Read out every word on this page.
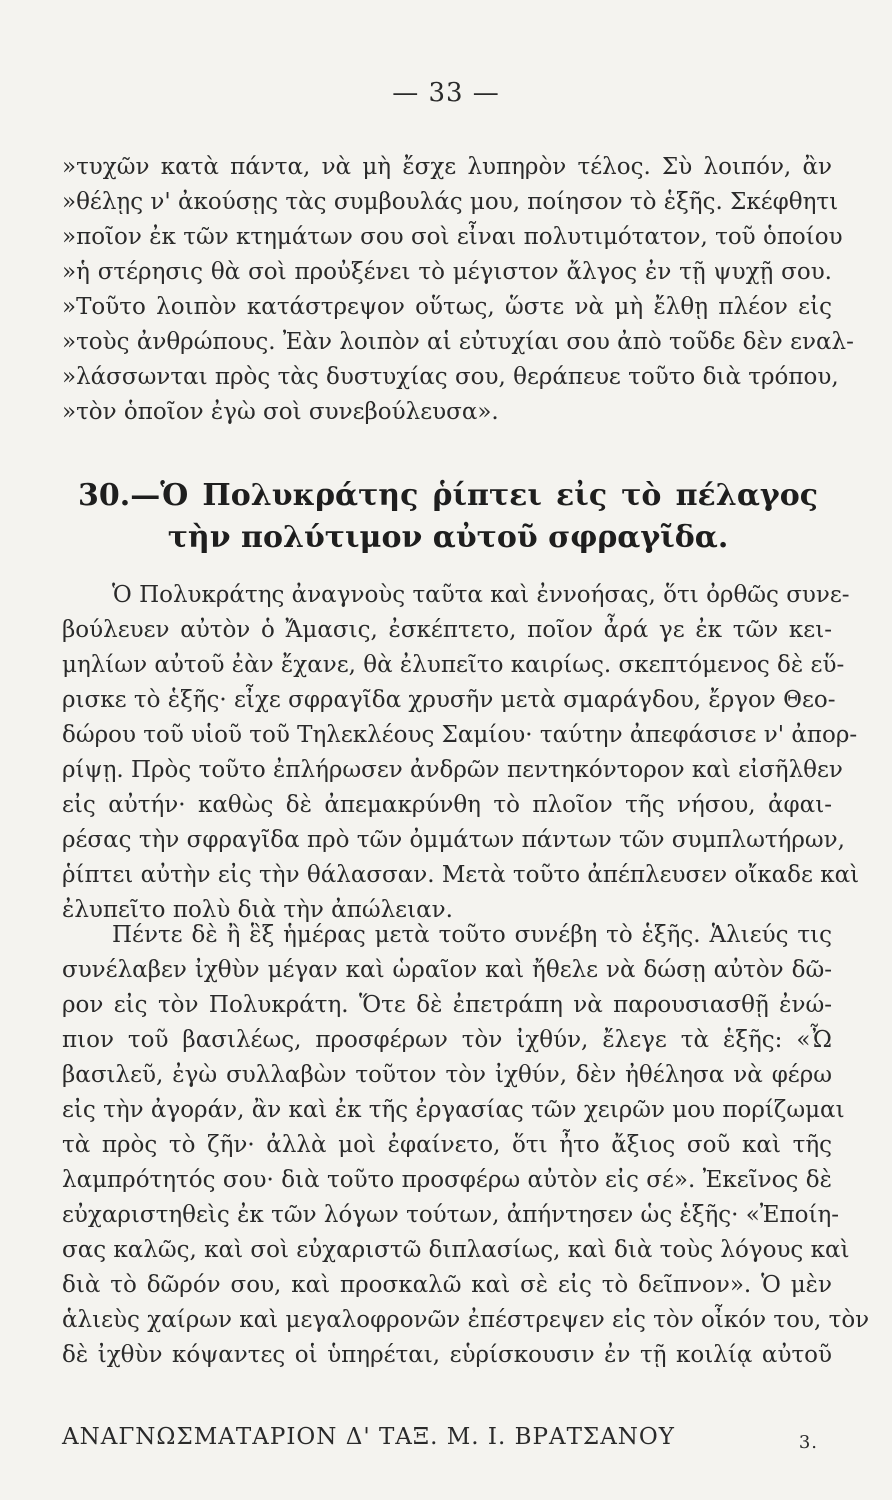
— 33 —
»τυχῶν κατὰ πάντα, νὰ μὴ ἔσχε λυπηρὸν τέλος. Σὺ λοιπόν, ἂν
»θέλῃς ν' ἀκούσῃς τὰς συμβουλάς μου, ποίησον τὸ ἑξῆς. Σκέφθητι
»ποῖον ἐκ τῶν κτημάτων σου σοὶ εἶναι πολυτιμότατον, τοῦ ὁποίου
»ἡ στέρησις θὰ σοὶ προὐξένει τὸ μέγιστον ἄλγος ἐν τῇ ψυχῇ σου.
»Τοῦτο λοιπὸν κατάστρεψον οὕτως, ὥστε νὰ μὴ ἔλθῃ πλέον εἰς
»τοὺς ἀνθρώπους. Ἐὰν λοιπὸν αἱ εὐτυχίαι σου ἀπὸ τοῦδε δὲν εναλ-
»λάσσωνται πρὸς τὰς δυστυχίας σου, θεράπευε τοῦτο διὰ τρόπου,
»τὸν ὁποῖον ἐγὼ σοὶ συνεβούλευσα».
30.—Ὁ Πολυκράτης ῥίπτει εἰς τὸ πέλαγος
τὴν πολύτιμον αὐτοῦ σφραγῖδα.
Ὁ Πολυκράτης ἀναγνοὺς ταῦτα καὶ ἐννοήσας, ὅτι ὀρθῶς συνε-
βούλευεν αὐτὸν ὁ Ἄμασις, ἐσκέπτετο, ποῖον ἆρά γε ἐκ τῶν κει-
μηλίων αὐτοῦ ἐὰν ἔχανε, θὰ ἐλυπεῖτο καιρίως. σκεπτόμενος δὲ εὕ-
ρισκε τὸ ἑξῆς· εἶχε σφραγῖδα χρυσῆν μετὰ σμαράγδου, ἔργον Θεο-
δώρου τοῦ υἱοῦ τοῦ Τηλεκλέους Σαμίου· ταύτην ἀπεφάσισε ν' ἀπορ-
ρίψῃ. Πρὸς τοῦτο ἐπλήρωσεν ἀνδρῶν πεντηκόντορον καὶ εἰσῆλθεν
εἰς αὐτήν· καθὼς δὲ ἀπεμακρύνθη τὸ πλοῖον τῆς νήσου, ἀφαι-
ρέσας τὴν σφραγῖδα πρὸ τῶν ὀμμάτων πάντων τῶν συμπλωτήρων,
ῥίπτει αὐτὴν εἰς τὴν θάλασσαν. Μετὰ τοῦτο ἀπέπλευσεν οἴκαδε καὶ
ἐλυπεῖτο πολὺ διὰ τὴν ἀπώλειαν.
Πέντε δὲ ἢ ἓξ ἡμέρας μετὰ τοῦτο συνέβη τὸ ἑξῆς. Ἁλιεύς τις
συνέλαβεν ἰχθὺν μέγαν καὶ ὡραῖον καὶ ἤθελε νὰ δώσῃ αὐτὸν δῶ-
ρον εἰς τὸν Πολυκράτη. Ὅτε δὲ ἐπετράπη νὰ παρουσιασθῇ ἐνώ-
πιον τοῦ βασιλέως, προσφέρων τὸν ἰχθύν, ἔλεγε τὰ ἑξῆς: «Ὦ
βασιλεῦ, ἐγὼ συλλαβὼν τοῦτον τὸν ἰχθύν, δὲν ἠθέλησα νὰ φέρω
εἰς τὴν ἀγοράν, ἂν καὶ ἐκ τῆς ἐργασίας τῶν χειρῶν μου πορίζωμαι
τὰ πρὸς τὸ ζῆν· ἀλλὰ μοὶ ἐφαίνετο, ὅτι ἦτο ἄξιος σοῦ καὶ τῆς
λαμπρότητός σου· διὰ τοῦτο προσφέρω αὐτὸν εἰς σέ». Ἐκεῖνος δὲ
εὐχαριστηθεὶς ἐκ τῶν λόγων τούτων, ἀπήντησεν ὡς ἑξῆς· «Ἐποίη-
σας καλῶς, καὶ σοὶ εὐχαριστῶ διπλασίως, καὶ διὰ τοὺς λόγους καὶ
διὰ τὸ δῶρόν σου, καὶ προσκαλῶ καὶ σὲ εἰς τὸ δεῖπνον». Ὁ μὲν
ἁλιεὺς χαίρων καὶ μεγαλοφρονῶν ἐπέστρεψεν εἰς τὸν οἶκόν του, τὸν
δὲ ἰχθὺν κόψαντες οἱ ὑπηρέται, εὑρίσκουσιν ἐν τῇ κοιλίᾳ αὐτοῦ
ΑΝΑΓΝΩΣΜΑΤΑΡΙΟΝ Δ' ΤΑΞ. Μ. Ι. ΒΡΑΤΣΑΝΟΥ	3.
